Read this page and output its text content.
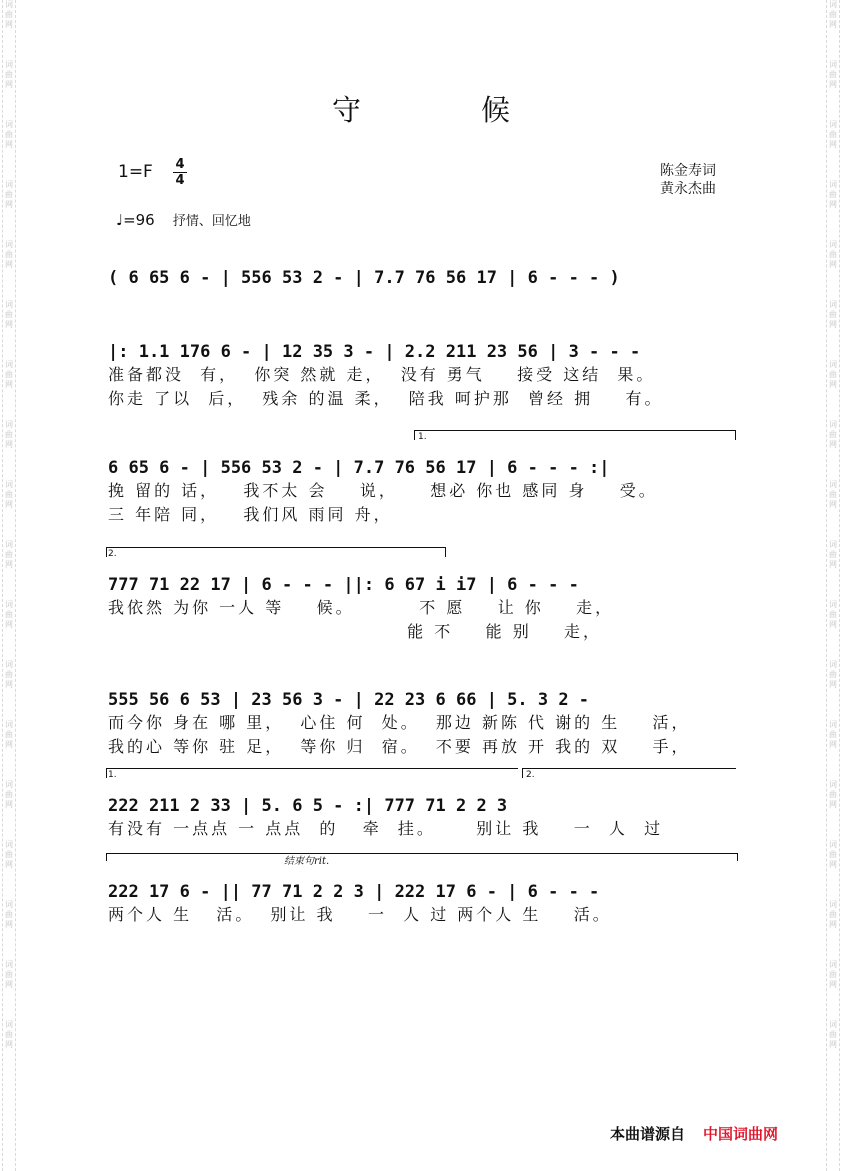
词曲网
词曲网
词曲网
词曲网
词曲网
词曲网
词曲网
词曲网
词曲网
词曲网
词曲网
词曲网
词曲网
词曲网
词曲网
词曲网
词曲网
词曲网
词曲网
词曲网
词曲网
词曲网
词曲网
词曲网
词曲网
词曲网
词曲网
词曲网
词曲网
词曲网
词曲网
词曲网
词曲网
词曲网
词曲网
词曲网
守候
1=F 4
4
陈金寿词
黄永杰曲
♩=96 抒情、回忆地
( 6 65 6 - | 556 53 2 - | 7.7 76 56 17 | 6 - - - )
|: 1.1 176 6 - | 12 35 3 - | 2.2 211 23 56 | 3 - - -
准备都没  有，  你突 然就 走，  没有 勇气    接受 这结  果。
你走 了以  后，  残余 的温 柔，  陪我 呵护那  曾经 拥    有。
6 65 6 - | 556 53 2 - | 7.7 76 56 17 | 6 - - - :|
挽 留的 话，   我不太 会    说，    想必 你也 感同 身    受。
三 年陪 同，   我们风 雨同 舟，
1.
777 71 22 17 | 6 - - - ||: 6 67 i i7 | 6 - - -
我依然 为你 一人 等    候。        不 愿    让 你    走，
能 不    能 别    走，
2.
555 56 6 53 | 23 56 3 - | 22 23 6 66 | 5. 3 2 -
而今你 身在 哪 里，  心住 何  处。  那边 新陈 代 谢的 生    活，
我的心 等你 驻 足，  等你 归  宿。  不要 再放 开 我的 双    手，
222 211 2 33 | 5. 6 5 - :| 777 71 2 2 3
有没有 一点点 一 点点  的   牵  挂。     别让 我    一  人  过
1.	2.
222 17 6 - || 77 71 2 2 3 | 222 17 6 - | 6 - - -
两个人 生   活。  别让 我    一  人 过 两个人 生    活。
结束句rit.
本曲谱源自 中国词曲网
